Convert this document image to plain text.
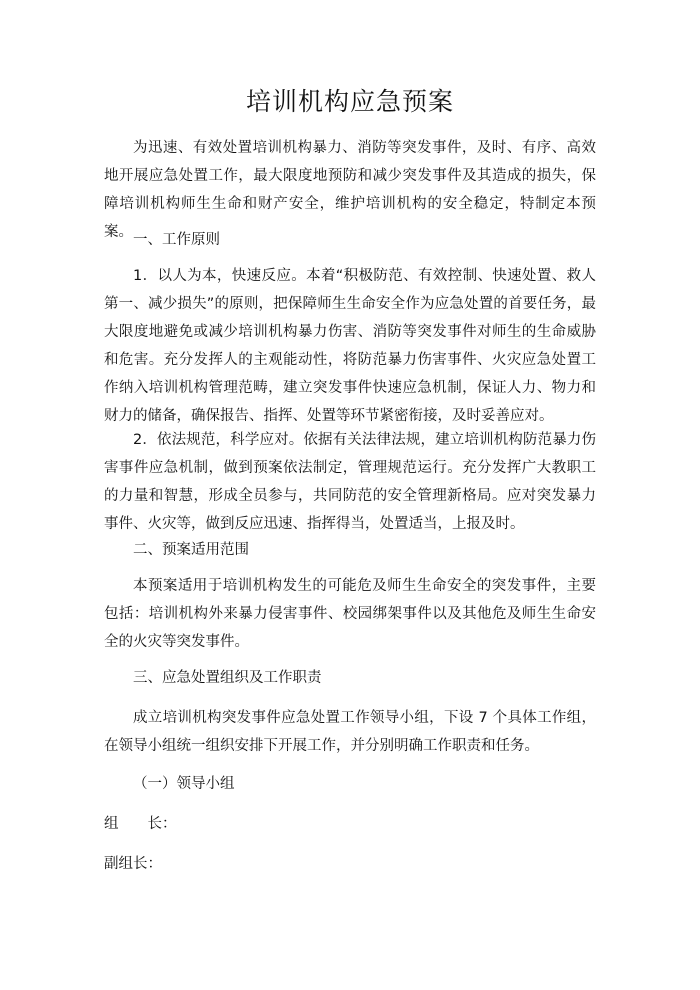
培训机构应急预案

为迅速、有效处置培训机构暴力、消防等突发事件，及时、有序、高效地开展应急处置工作，最大限度地预防和减少突发事件及其造成的损失，保障培训机构师生生命和财产安全，维护培训机构的安全稳定，特制定本预案。 一、工作原则

1．以人为本，快速反应。本着“积极防范、有效控制、快速处置、救人第一、减少损失”的原则，把保障师生生命安全作为应急处置的首要任务，最大限度地避免或减少培训机构暴力伤害、消防等突发事件对师生的生命威胁和危害。充分发挥人的主观能动性，将防范暴力伤害事件、火灾应急处置工作纳入培训机构管理范畴，建立突发事件快速应急机制，保证人力、物力和财力的储备，确保报告、指挥、处置等环节紧密衔接，及时妥善应对。

2．依法规范，科学应对。依据有关法律法规，建立培训机构防范暴力伤害事件应急机制，做到预案依法制定，管理规范运行。充分发挥广大教职工的力量和智慧，形成全员参与，共同防范的安全管理新格局。应对突发暴力事件、火灾等，做到反应迅速、指挥得当，处置适当，上报及时。

二、预案适用范围

本预案适用于培训机构发生的可能危及师生生命安全的突发事件，主要包括：培训机构外来暴力侵害事件、校园绑架事件以及其他危及师生生命安全的火灾等突发事件。

三、应急处置组织及工作职责

成立培训机构突发事件应急处置工作领导小组，下设 7 个具体工作组，在领导小组统一组织安排下开展工作，并分别明确工作职责和任务。

（一）领导小组

组　　长：

副组长：
